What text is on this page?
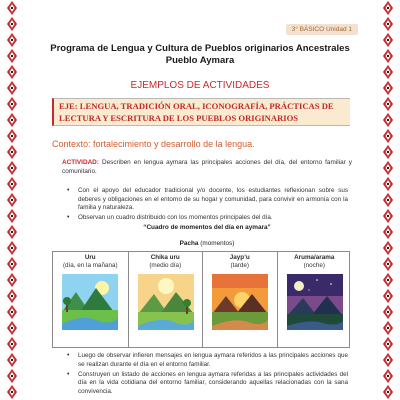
3° BÁSICO Unidad 1
Programa de Lengua y Cultura de Pueblos originarios Ancestrales
Pueblo Aymara
EJEMPLOS DE ACTIVIDADES
EJE: LENGUA, TRADICIÓN ORAL, ICONOGRAFÍA, PRÁCTICAS DE LECTURA Y ESCRITURA DE LOS PUEBLOS ORIGINARIOS
Contexto: fortalecimiento y desarrollo de la lengua.
ACTIVIDAD: Describen en lengua aymara las principales acciones del día, del entorno familiar y comunitario.
• Con el apoyo del educador tradicional y/o docente, los estudiantes reflexionan sobre sus deberes y obligaciones en el entorno de su hogar y comunidad, para convivir en armonía con la familia y naturaleza.
• Observan un cuadro distribuido con los momentos principales del día.
“Cuadro de momentos del día en aymara”
Pacha (momentos)
Uru
(día, en la mañana)
Chika uru
(medio día)
Jayp’u
(tarde)
Aruma/arama
(noche)
• Luego de observar infieren mensajes en lengua aymara referidos a las principales acciones que se realizan durante el día en el entorno familiar.
• Construyen un listado de acciones en lengua aymara referidas a las principales actividades del día en la vida cotidiana del entorno familiar, considerando aquellas relacionadas con la sana convivencia.
